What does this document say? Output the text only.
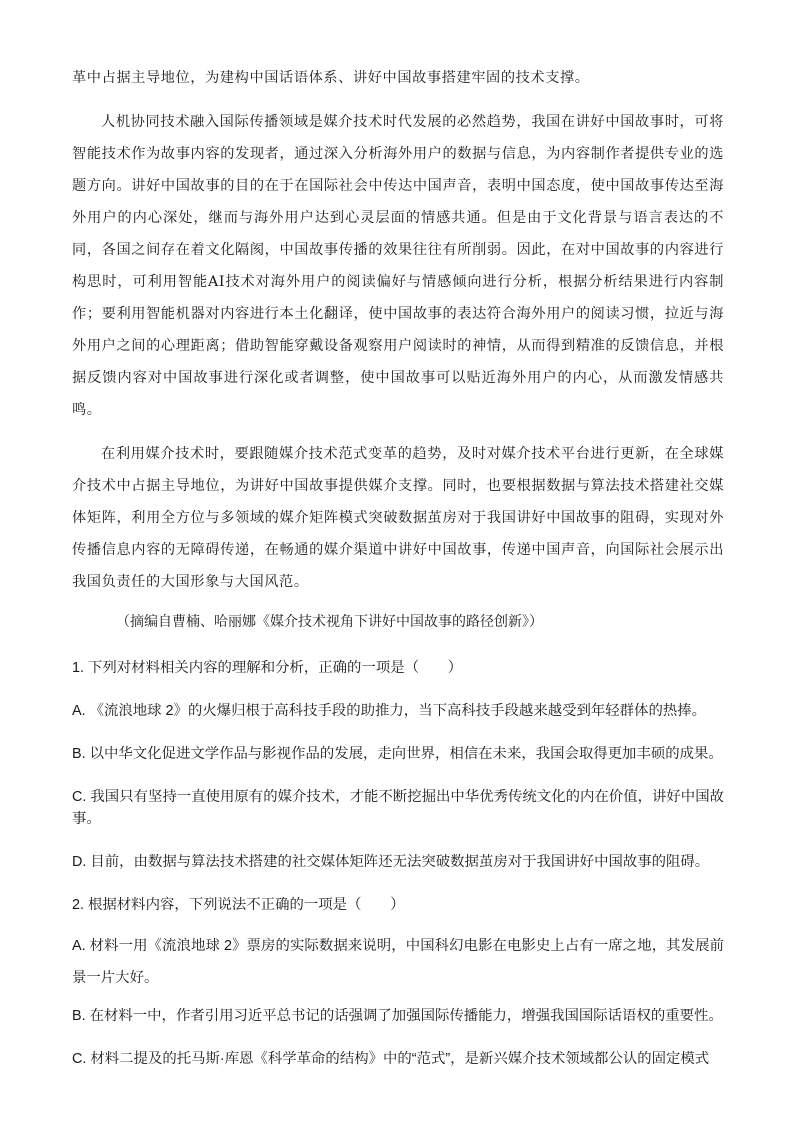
革中占据主导地位，为建构中国话语体系、讲好中国故事搭建牢固的技术支撑。

人机协同技术融入国际传播领域是媒介技术时代发展的必然趋势，我国在讲好中国故事时，可将智能技术作为故事内容的发现者，通过深入分析海外用户的数据与信息，为内容制作者提供专业的选题方向。讲好中国故事的目的在于在国际社会中传达中国声音，表明中国态度，使中国故事传达至海外用户的内心深处，继而与海外用户达到心灵层面的情感共通。但是由于文化背景与语言表达的不同，各国之间存在着文化隔阂，中国故事传播的效果往往有所削弱。因此，在对中国故事的内容进行构思时，可利用智能AI技术对海外用户的阅读偏好与情感倾向进行分析，根据分析结果进行内容制作；要利用智能机器对内容进行本土化翻译，使中国故事的表达符合海外用户的阅读习惯，拉近与海外用户之间的心理距离；借助智能穿戴设备观察用户阅读时的神情，从而得到精准的反馈信息，并根据反馈内容对中国故事进行深化或者调整，使中国故事可以贴近海外用户的内心，从而激发情感共鸣。

在利用媒介技术时，要跟随媒介技术范式变革的趋势，及时对媒介技术平台进行更新，在全球媒介技术中占据主导地位，为讲好中国故事提供媒介支撑。同时，也要根据数据与算法技术搭建社交媒体矩阵，利用全方位与多领域的媒介矩阵模式突破数据茧房对于我国讲好中国故事的阻碍，实现对外传播信息内容的无障碍传递，在畅通的媒介渠道中讲好中国故事，传递中国声音，向国际社会展示出我国负责任的大国形象与大国风范。

（摘编自曹楠、哈丽娜《媒介技术视角下讲好中国故事的路径创新》）

1. 下列对材料相关内容的理解和分析，正确的一项是（　　）

A. 《流浪地球 2》的火爆归根于高科技手段的助推力，当下高科技手段越来越受到年轻群体的热捧。

B. 以中华文化促进文学作品与影视作品的发展，走向世界，相信在未来，我国会取得更加丰硕的成果。

C. 我国只有坚持一直使用原有的媒介技术，才能不断挖掘出中华优秀传统文化的内在价值，讲好中国故事。

D. 目前，由数据与算法技术搭建的社交媒体矩阵还无法突破数据茧房对于我国讲好中国故事的阻碍。

2. 根据材料内容，下列说法不正确的一项是（　　）

A. 材料一用《流浪地球 2》票房的实际数据来说明，中国科幻电影在电影史上占有一席之地，其发展前景一片大好。

B. 在材料一中，作者引用习近平总书记的话强调了加强国际传播能力，增强我国国际话语权的重要性。

C. 材料二提及的托马斯·库恩《科学革命的结构》中的“范式”，是新兴媒介技术领域都公认的固定模式
